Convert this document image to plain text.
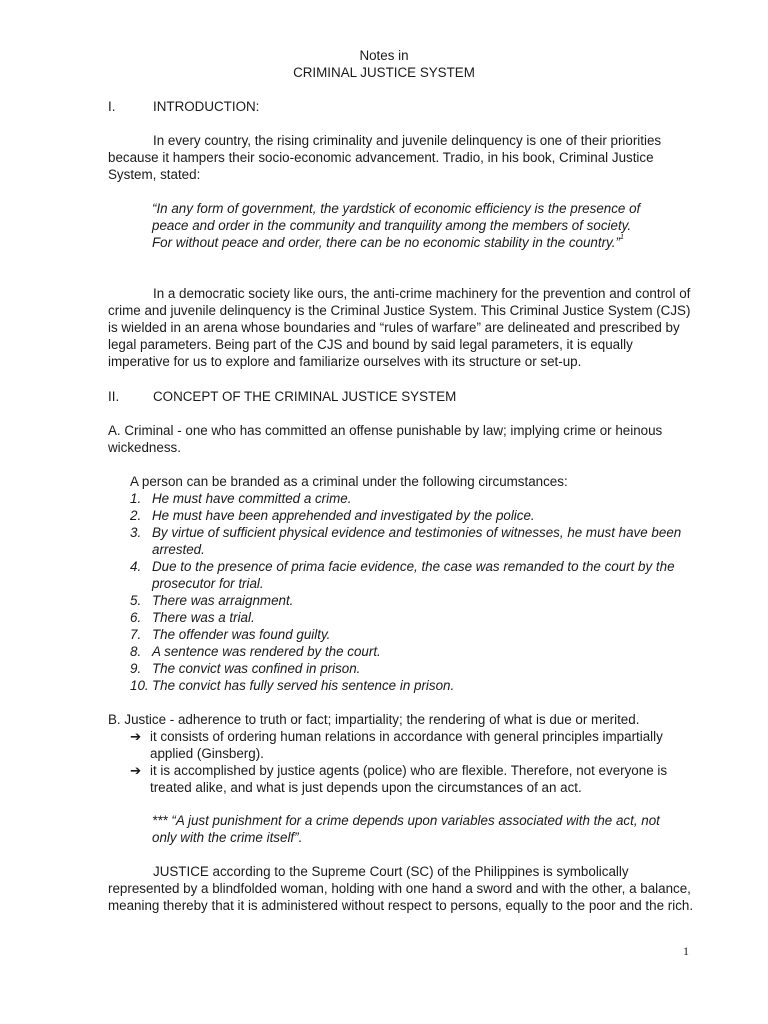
Notes in

CRIMINAL JUSTICE SYSTEM

I.	INTRODUCTION:

In every country, the rising criminality and juvenile delinquency is one of their priorities because it hampers their socio-economic advancement. Tradio, in his book, Criminal Justice System, stated:

“In any form of government, the yardstick of economic efficiency is the presence of peace and order in the community and tranquility among the members of society. For without peace and order, there can be no economic stability in the country.”$^1$

In a democratic society like ours, the anti-crime machinery for the prevention and control of crime and juvenile delinquency is the Criminal Justice System. This Criminal Justice System (CJS) is wielded in an arena whose boundaries and “rules of warfare” are delineated and prescribed by legal parameters. Being part of the CJS and bound by said legal parameters, it is equally imperative for us to explore and familiarize ourselves with its structure or set-up.

II.	CONCEPT OF THE CRIMINAL JUSTICE SYSTEM

A. Criminal - one who has committed an offense punishable by law; implying crime or heinous wickedness.

A person can be branded as a criminal under the following circumstances:

1. He must have committed a crime.
2. He must have been apprehended and investigated by the police.
3. By virtue of sufficient physical evidence and testimonies of witnesses, he must have been arrested.
4. Due to the presence of prima facie evidence, the case was remanded to the court by the prosecutor for trial.
5. There was arraignment.
6. There was a trial.
7. The offender was found guilty.
8. A sentence was rendered by the court.
9. The convict was confined in prison.
10. The convict has fully served his sentence in prison.

B. Justice - adherence to truth or fact; impartiality; the rendering of what is due or merited.

➔ it consists of ordering human relations in accordance with general principles impartially applied (Ginsberg).
➔ it is accomplished by justice agents (police) who are flexible. Therefore, not everyone is treated alike, and what is just depends upon the circumstances of an act.

*** “A just punishment for a crime depends upon variables associated with the act, not only with the crime itself”.

JUSTICE according to the Supreme Court (SC) of the Philippines is symbolically represented by a blindfolded woman, holding with one hand a sword and with the other, a balance, meaning thereby that it is administered without respect to persons, equally to the poor and the rich.

1
